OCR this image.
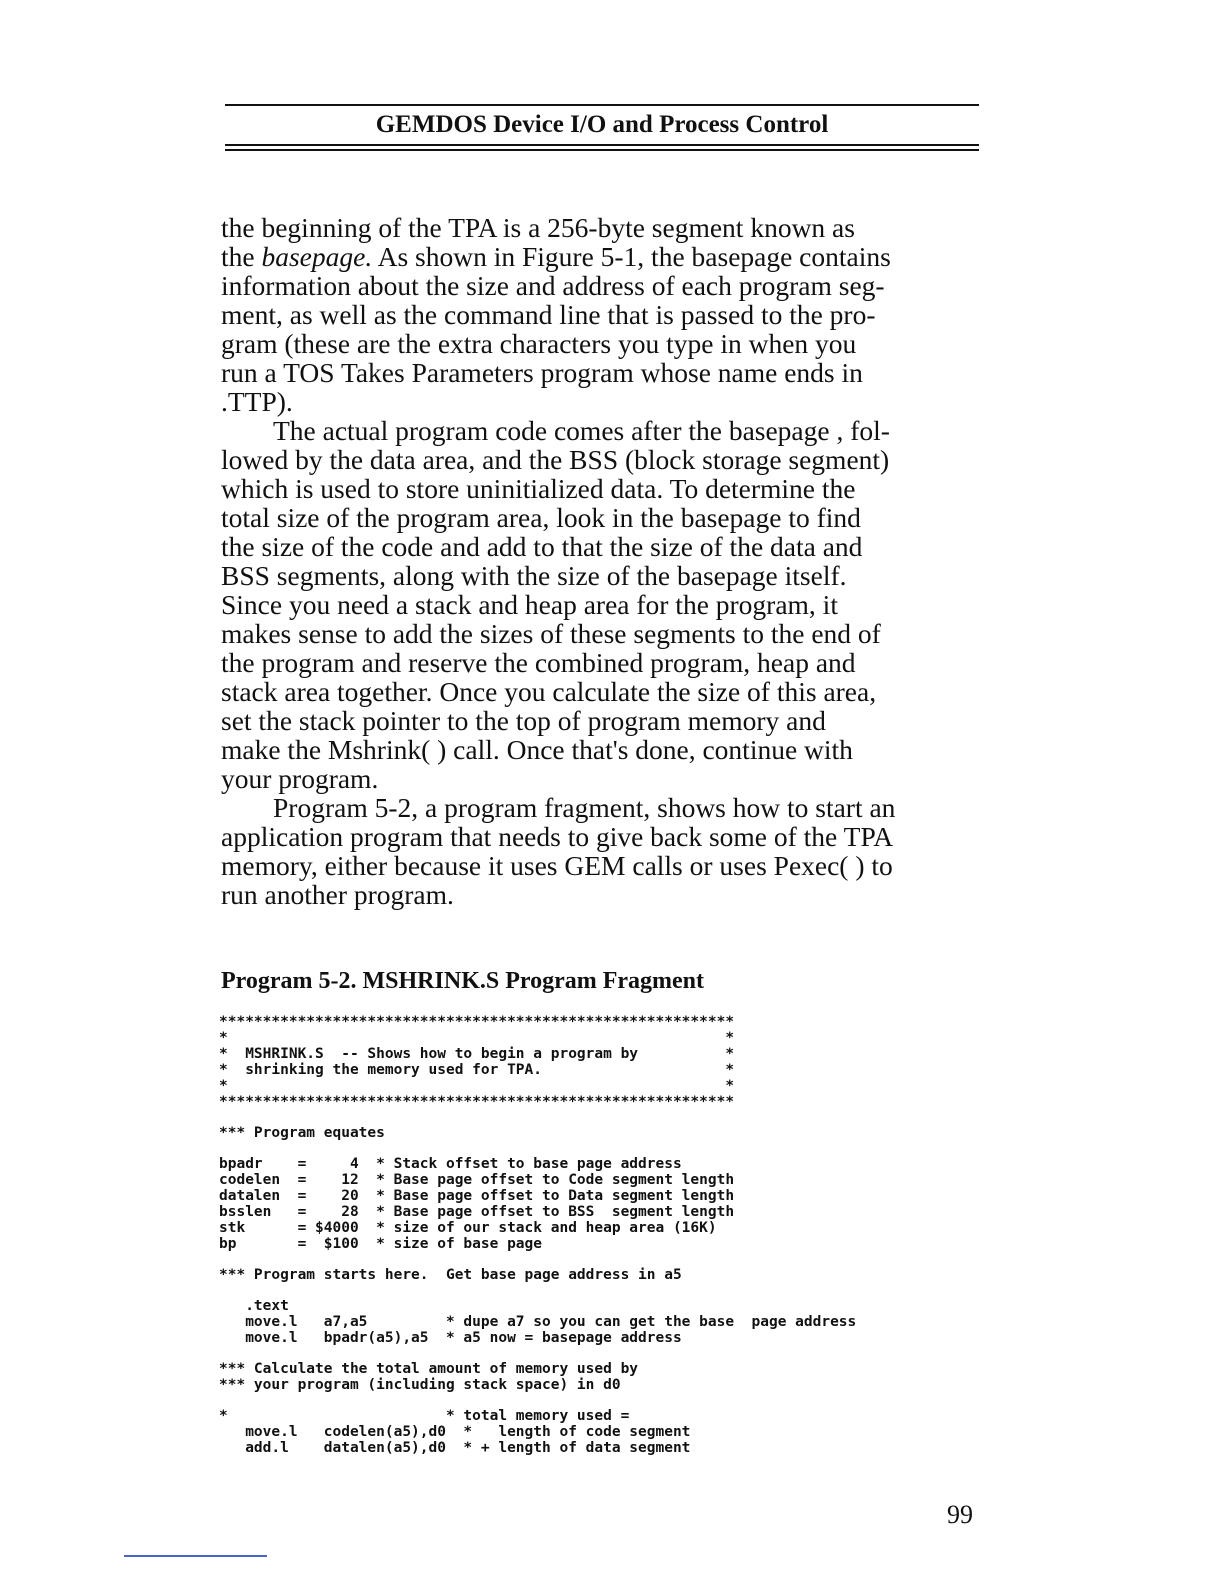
GEMDOS Device I/O and Process Control

the beginning of the TPA is a 256-byte segment known as
the basepage. As shown in Figure 5-1, the basepage contains
information about the size and address of each program seg-
ment, as well as the command line that is passed to the pro-
gram (these are the extra characters you type in when you
run a TOS Takes Parameters program whose name ends in
.TTP).

The actual program code comes after the basepage , fol-
lowed by the data area, and the BSS (block storage segment)
which is used to store uninitialized data. To determine the
total size of the program area, look in the basepage to find
the size of the code and add to that the size of the data and
BSS segments, along with the size of the basepage itself.
Since you need a stack and heap area for the program, it
makes sense to add the sizes of these segments to the end of
the program and reserve the combined program, heap and
stack area together. Once you calculate the size of this area,
set the stack pointer to the top of program memory and
make the Mshrink( ) call. Once that's done, continue with
your program.

Program 5-2, a program fragment, shows how to start an
application program that needs to give back some of the TPA
memory, either because it uses GEM calls or uses Pexec( ) to
run another program.

Program 5-2. MSHRINK.S Program Fragment
***********************************************************
*                                                         *
*  MSHRINK.S  -- Shows how to begin a program by          *
*  shrinking the memory used for TPA.                     *
*                                                         *
***********************************************************
*** Program equates
bpadr    =     4  * Stack offset to base page address
codelen  =    12  * Base page offset to Code segment length
datalen  =    20  * Base page offset to Data segment length
bsslen   =    28  * Base page offset to BSS  segment length
stk      = $4000  * size of our stack and heap area (16K)
bp       =  $100  * size of base page
*** Program starts here.  Get base page address in a5
.text
move.l   a7,a5         * dupe a7 so you can get the base  page address
move.l   bpadr(a5),a5  * a5 now = basepage address
*** Calculate the total amount of memory used by
*** your program (including stack space) in d0
*                         * total memory used =
move.l   codelen(a5),d0  *   length of code segment
add.l    datalen(a5),d0  * + length of data segment
99
